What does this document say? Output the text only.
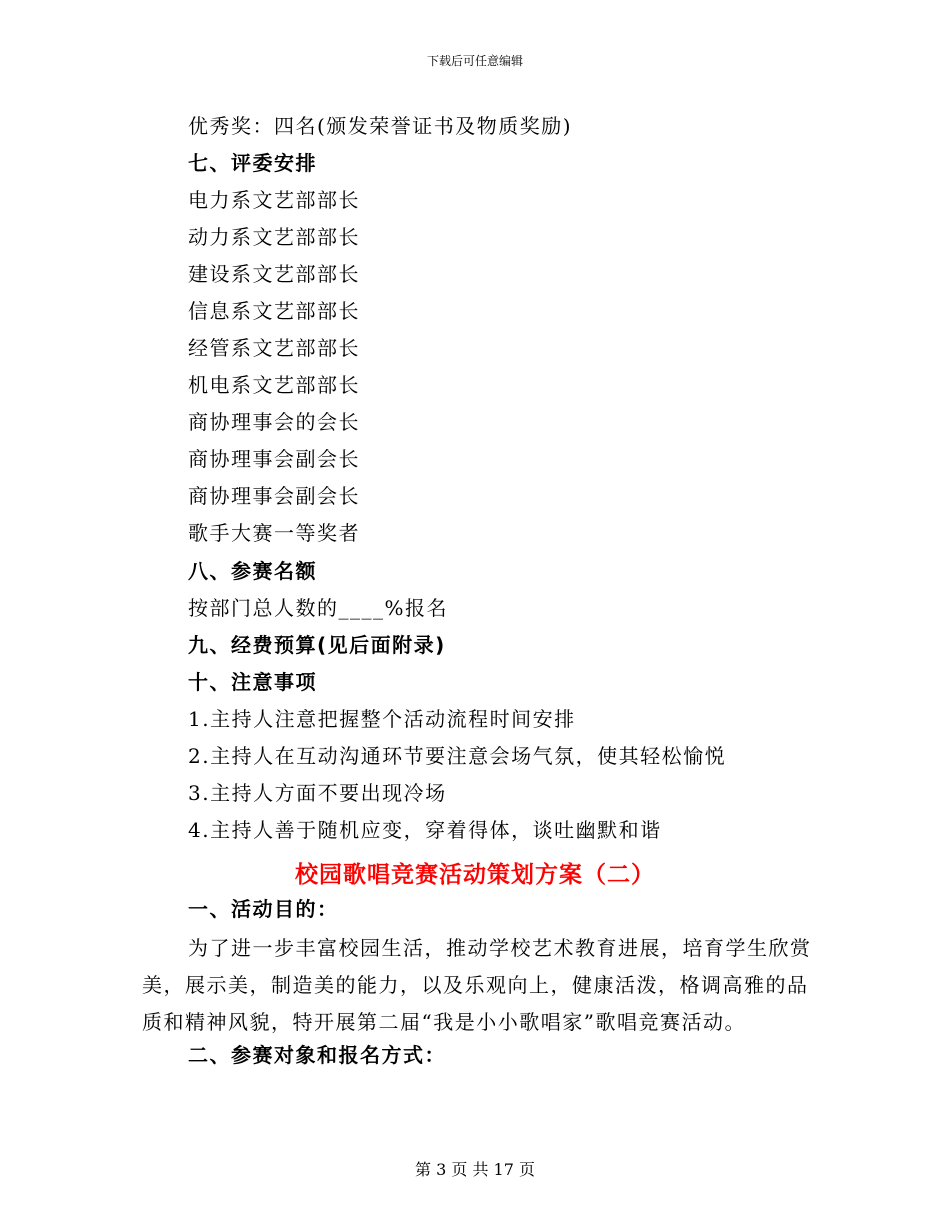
下载后可任意编辑
优秀奖：四名(颁发荣誉证书及物质奖励)
七、评委安排
电力系文艺部部长
动力系文艺部部长
建设系文艺部部长
信息系文艺部部长
经管系文艺部部长
机电系文艺部部长
商协理事会的会长
商协理事会副会长
商协理事会副会长
歌手大赛一等奖者
八、参赛名额
按部门总人数的____%报名
九、经费预算(见后面附录)
十、注意事项
1.主持人注意把握整个活动流程时间安排
2.主持人在互动沟通环节要注意会场气氛，使其轻松愉悦
3.主持人方面不要出现冷场
4.主持人善于随机应变，穿着得体，谈吐幽默和谐
校园歌唱竞赛活动策划方案（二）
一、活动目的：
为了进一步丰富校园生活，推动学校艺术教育进展，培育学生欣赏美，展示美，制造美的能力，以及乐观向上，健康活泼，格调高雅的品质和精神风貌，特开展第二届“我是小小歌唱家”歌唱竞赛活动。
二、参赛对象和报名方式：
第 3 页 共 17 页
